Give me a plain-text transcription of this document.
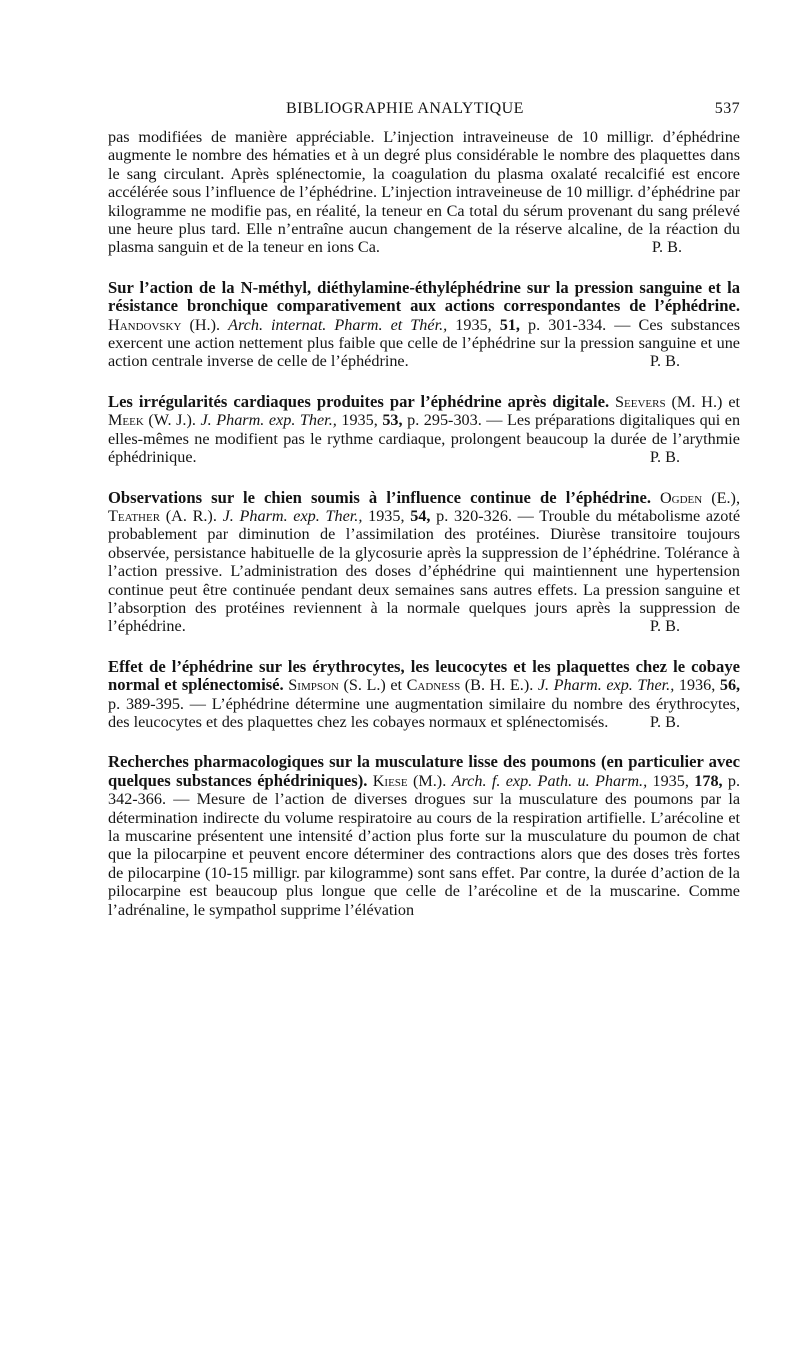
BIBLIOGRAPHIE ANALYTIQUE	537

pas modifiées de manière appréciable. L’injection intraveineuse de 10 milligr. d’éphédrine augmente le nombre des hématies et à un degré plus considérable le nombre des plaquettes dans le sang circulant. Après splénectomie, la coagulation du plasma oxalaté recalcifié est encore accélérée sous l’influence de l’éphédrine. L’injection intraveineuse de 10 milligr. d’éphédrine par kilogramme ne modifie pas, en réalité, la teneur en Ca total du sérum provenant du sang prélevé une heure plus tard. Elle n’entraîne aucun changement de la réserve alcaline, de la réaction du plasma sanguin et de la teneur en ions Ca.	P. B.

Sur l’action de la N-méthyl, diéthylamine-éthyléphédrine sur la pression sanguine et la résistance bronchique comparativement aux actions correspondantes de l’éphédrine. Handovsky (H.). Arch. internat. Pharm. et Thér., 1935, 51, p. 301-334. — Ces substances exercent une action nettement plus faible que celle de l’éphédrine sur la pression sanguine et une action centrale inverse de celle de l’éphédrine.	P. B.

Les irrégularités cardiaques produites par l’éphédrine après digitale. Seevers (M. H.) et Meek (W. J.). J. Pharm. exp. Ther., 1935, 53, p. 295-303. — Les préparations digitaliques qui en elles-mêmes ne modifient pas le rythme cardiaque, prolongent beaucoup la durée de l’arythmie éphédrinique.	P. B.

Observations sur le chien soumis à l’influence continue de l’éphédrine. Ogden (E.), Teather (A. R.). J. Pharm. exp. Ther., 1935, 54, p. 320-326. — Trouble du métabolisme azoté probablement par diminution de l’assimilation des protéines. Diurèse transitoire toujours observée, persistance habituelle de la glycosurie après la suppression de l’éphédrine. Tolérance à l’action pressive. L’administration des doses d’éphédrine qui maintiennent une hypertension continue peut être continuée pendant deux semaines sans autres effets. La pression sanguine et l’absorption des protéines reviennent à la normale quelques jours après la suppression de l’éphédrine.	P. B.

Effet de l’éphédrine sur les érythrocytes, les leucocytes et les plaquettes chez le cobaye normal et splénectomisé. Simpson (S. L.) et Cadness (B. H. E.). J. Pharm. exp. Ther., 1936, 56, p. 389-395. — L’éphédrine détermine une augmentation similaire du nombre des érythrocytes, des leucocytes et des plaquettes chez les cobayes normaux et splénectomisés.	P. B.

Recherches pharmacologiques sur la musculature lisse des poumons (en particulier avec quelques substances éphédriniques). Kiese (M.). Arch. f. exp. Path. u. Pharm., 1935, 178, p. 342-366. — Mesure de l’action de diverses drogues sur la musculature des poumons par la détermination indirecte du volume respiratoire au cours de la respiration artifielle. L’arécoline et la muscarine présentent une intensité d’action plus forte sur la musculature du poumon de chat que la pilocarpine et peuvent encore déterminer des contractions alors que des doses très fortes de pilocarpine (10-15 milligr. par kilogramme) sont sans effet. Par contre, la durée d’action de la pilocarpine est beaucoup plus longue que celle de l’arécoline et de la muscarine. Comme l’adrénaline, le sympathol supprime l’élévation
